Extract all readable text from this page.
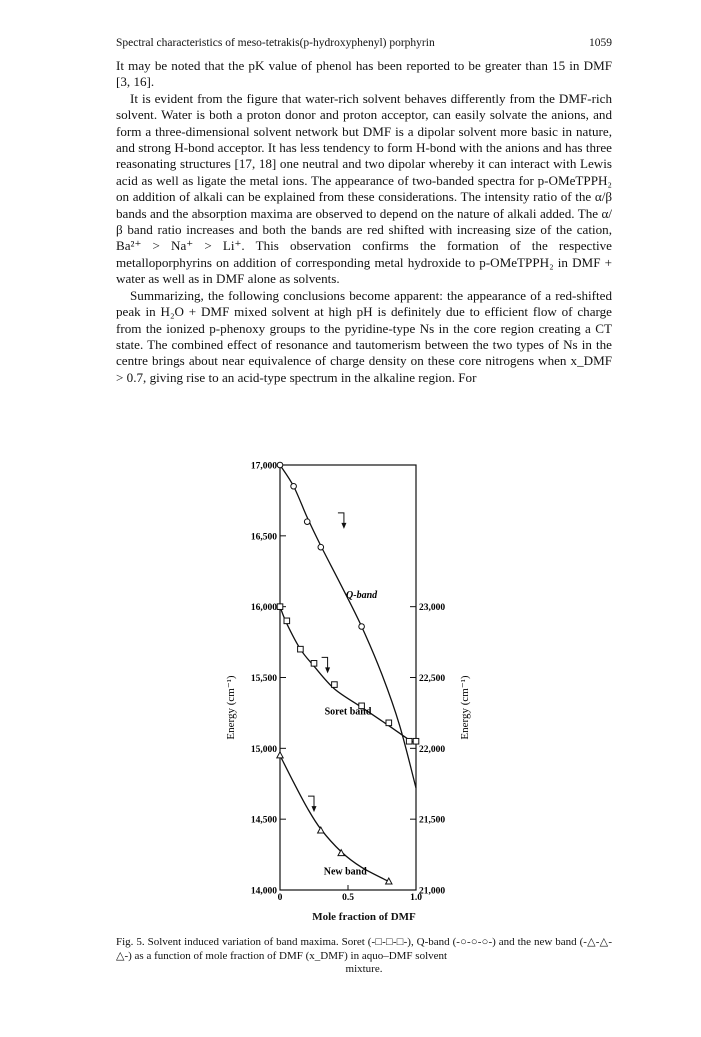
Spectral characteristics of meso-tetrakis(p-hydroxyphenyl) porphyrin	1059

It may be noted that the pK value of phenol has been reported to be greater than 15 in DMF [3, 16].

It is evident from the figure that water-rich solvent behaves differently from the DMF-rich solvent. Water is both a proton donor and proton acceptor, can easily solvate the anions, and form a three-dimensional solvent network but DMF is a dipolar solvent more basic in nature, and strong H-bond acceptor. It has less tendency to form H-bond with the anions and has three reasonating structures [17, 18] one neutral and two dipolar whereby it can interact with Lewis acid as well as ligate the metal ions. The appearance of two-banded spectra for p-OMeTPPH₂ on addition of alkali can be explained from these considerations. The intensity ratio of the α/β bands and the absorption maxima are observed to depend on the nature of alkali added. The α/β band ratio increases and both the bands are red shifted with increasing size of the cation, Ba²⁺ > Na⁺ > Li⁺. This observation confirms the formation of the respective metalloporphyrins on addition of corresponding metal hydroxide to p-OMeTPPH₂ in DMF + water as well as in DMF alone as solvents.

Summarizing, the following conclusions become apparent: the appearance of a red-shifted peak in H₂O + DMF mixed solvent at high pH is definitely due to efficient flow of charge from the ionized p-phenoxy groups to the pyridine-type Ns in the core region creating a CT state. The combined effect of resonance and tautomerism between the two types of Ns in the centre brings about near equivalence of charge density on these core nitrogens when x_DMF > 0.7, giving rise to an acid-type spectrum in the alkaline region. For

14,000
14,500
15,000
15,500
16,000
16,500
17,000
21,000
21,500
22,000
22,500
23,000
0	0.5	1.0
Energy (cm⁻¹)	Energy (cm⁻¹)
Q-band
Soret band
New band
Mole fraction of DMF
Fig. 5. Solvent induced variation of band maxima. Soret (-□-□-□-), Q-band (-○-○-○-) and the new band (-△-△-△-) as a function of mole fraction of DMF (x_DMF) in aquo–DMF solvent
mixture.
